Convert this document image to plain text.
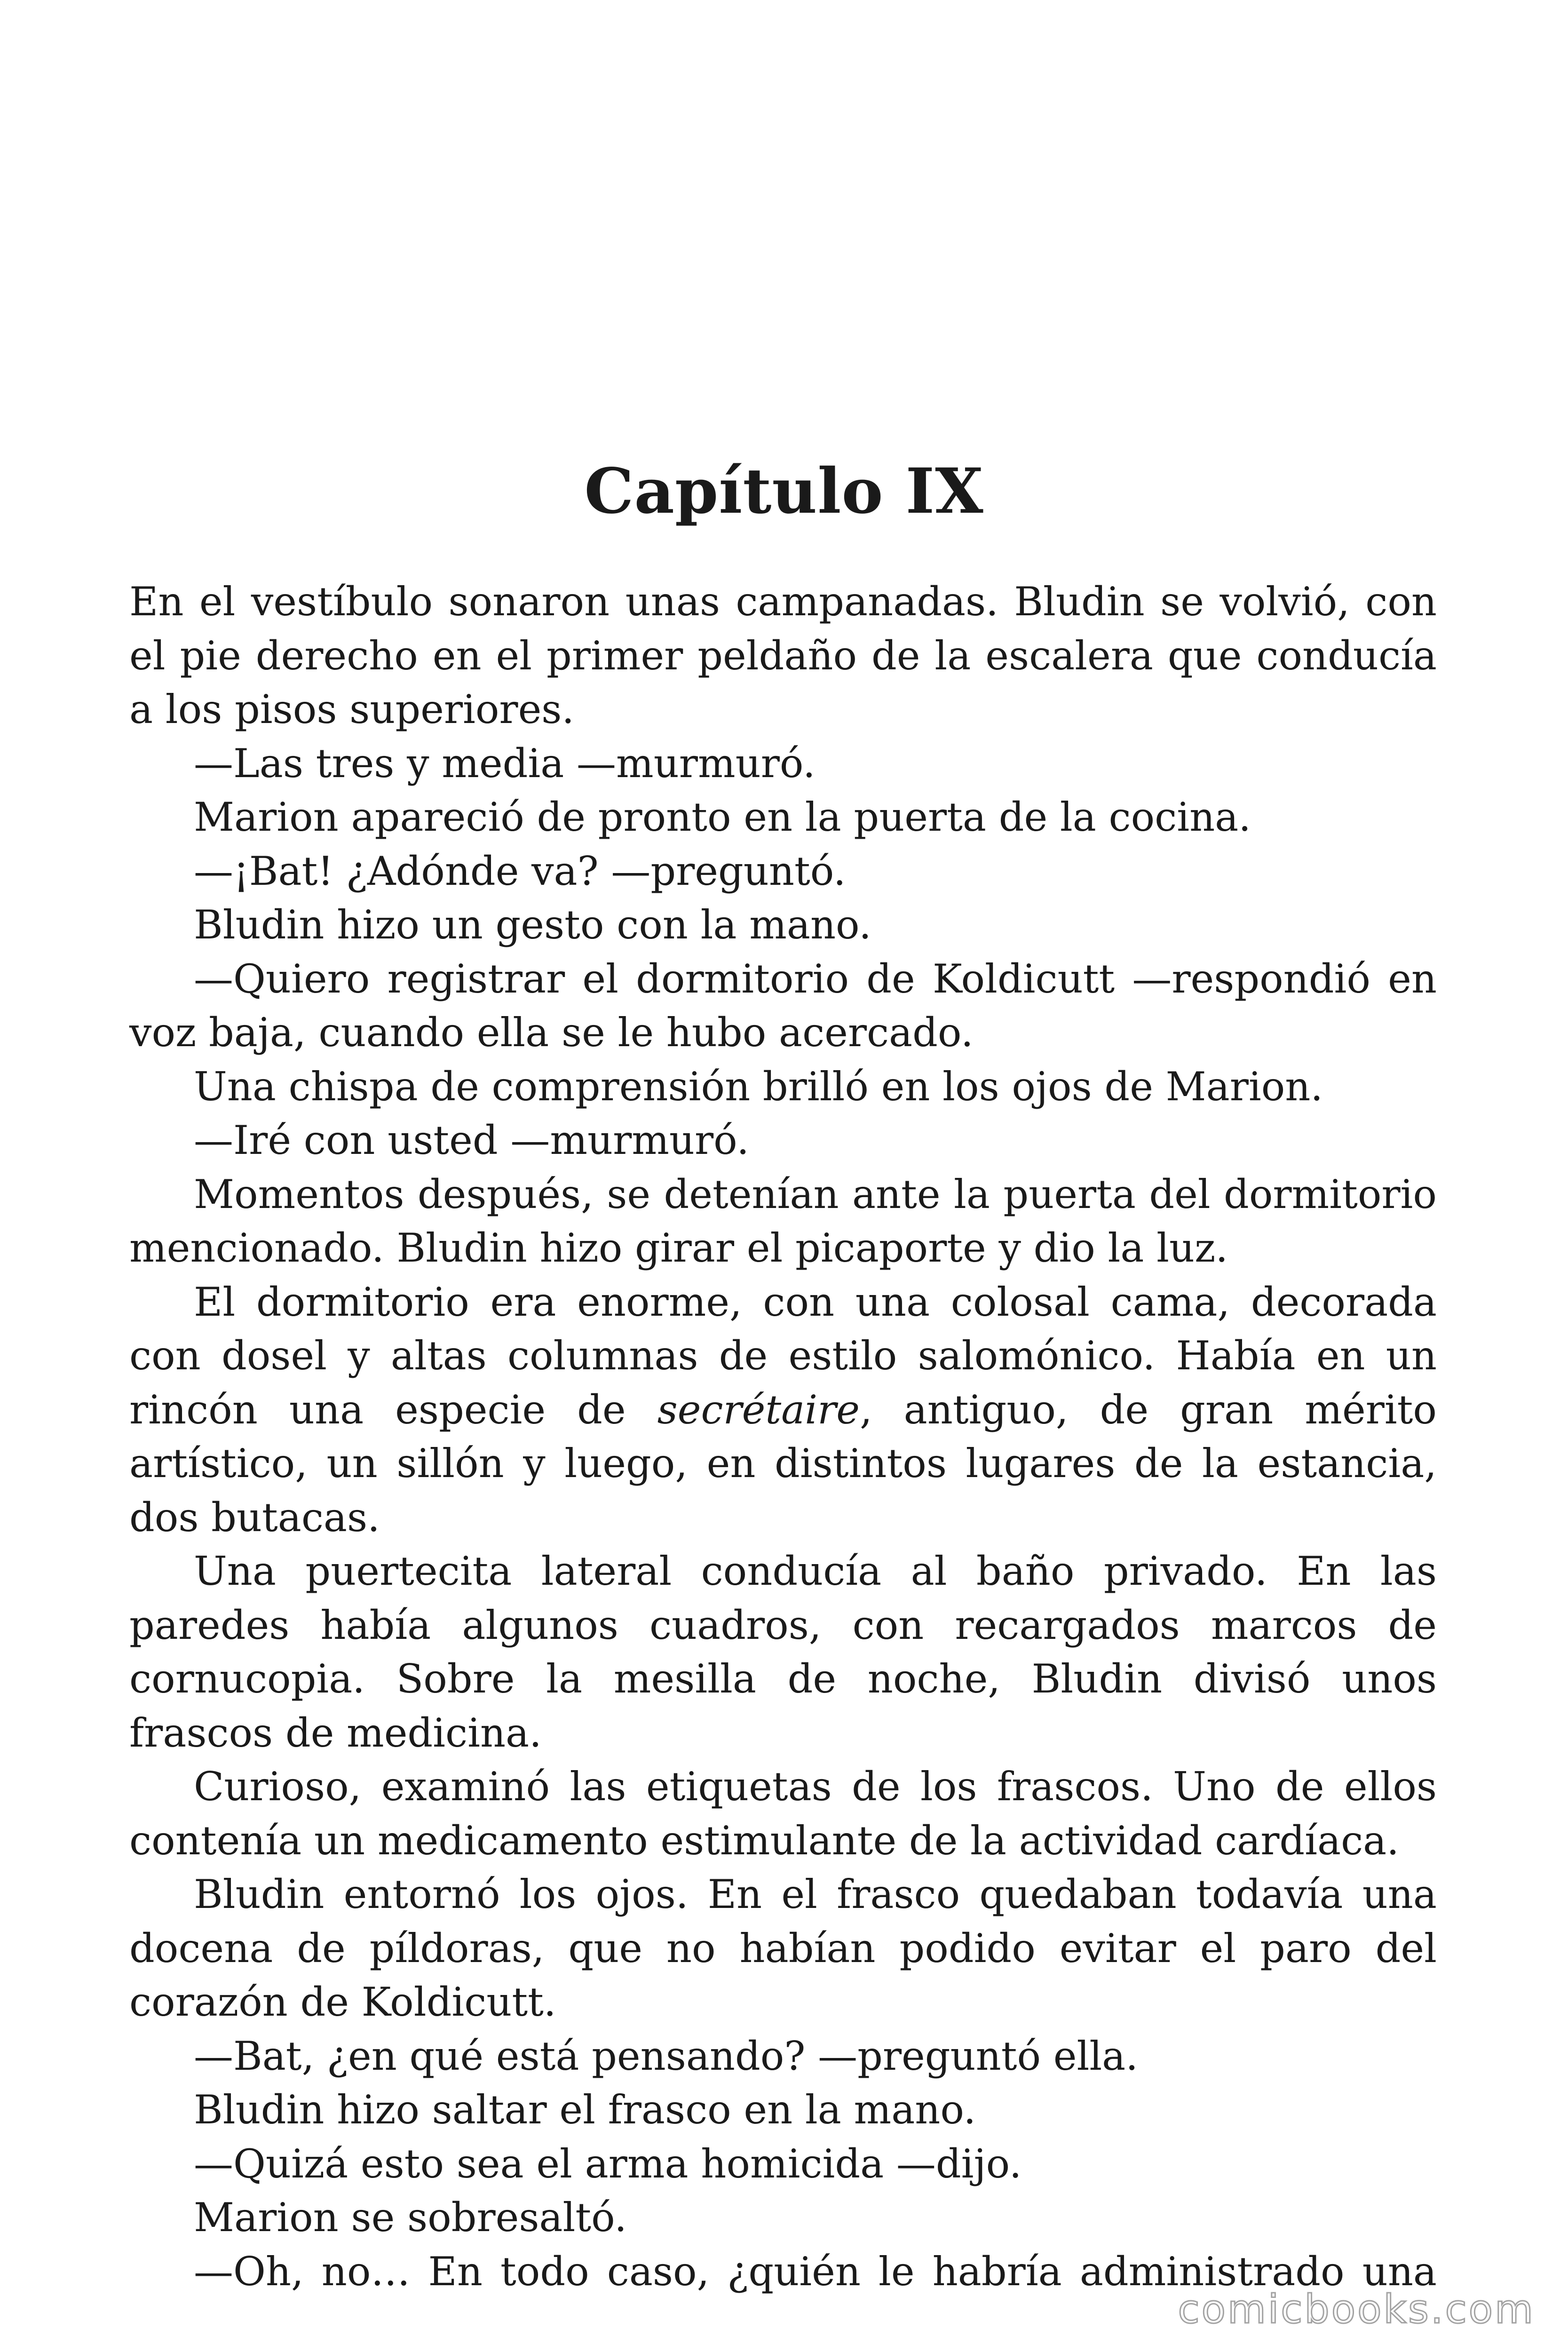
Capítulo IX

En el vestíbulo sonaron unas campanadas. Bludin se volvió, con el pie derecho en el primer peldaño de la escalera que conducía a los pisos superiores.

—Las tres y media —murmuró.

Marion apareció de pronto en la puerta de la cocina.

—¡Bat! ¿Adónde va? —preguntó.

Bludin hizo un gesto con la mano.

—Quiero registrar el dormitorio de Koldicutt —respondió en voz baja, cuando ella se le hubo acercado.

Una chispa de comprensión brilló en los ojos de Marion.

—Iré con usted —murmuró.

Momentos después, se detenían ante la puerta del dormitorio mencionado. Bludin hizo girar el picaporte y dio la luz.

El dormitorio era enorme, con una colosal cama, decorada con dosel y altas columnas de estilo salomónico. Había en un rincón una especie de secrétaire, antiguo, de gran mérito artístico, un sillón y luego, en distintos lugares de la estancia, dos butacas.

Una puertecita lateral conducía al baño privado. En las paredes había algunos cuadros, con recargados marcos de cornucopia. Sobre la mesilla de noche, Bludin divisó unos frascos de medicina.

Curioso, examinó las etiquetas de los frascos. Uno de ellos contenía un medicamento estimulante de la actividad cardíaca.

Bludin entornó los ojos. En el frasco quedaban todavía una docena de píldoras, que no habían podido evitar el paro del corazón de Koldicutt.

—Bat, ¿en qué está pensando? —preguntó ella.

Bludin hizo saltar el frasco en la mano.

—Quizá esto sea el arma homicida —dijo.

Marion se sobresaltó.

—Oh, no… En todo caso, ¿quién le habría administrado una

comicbooks.com
